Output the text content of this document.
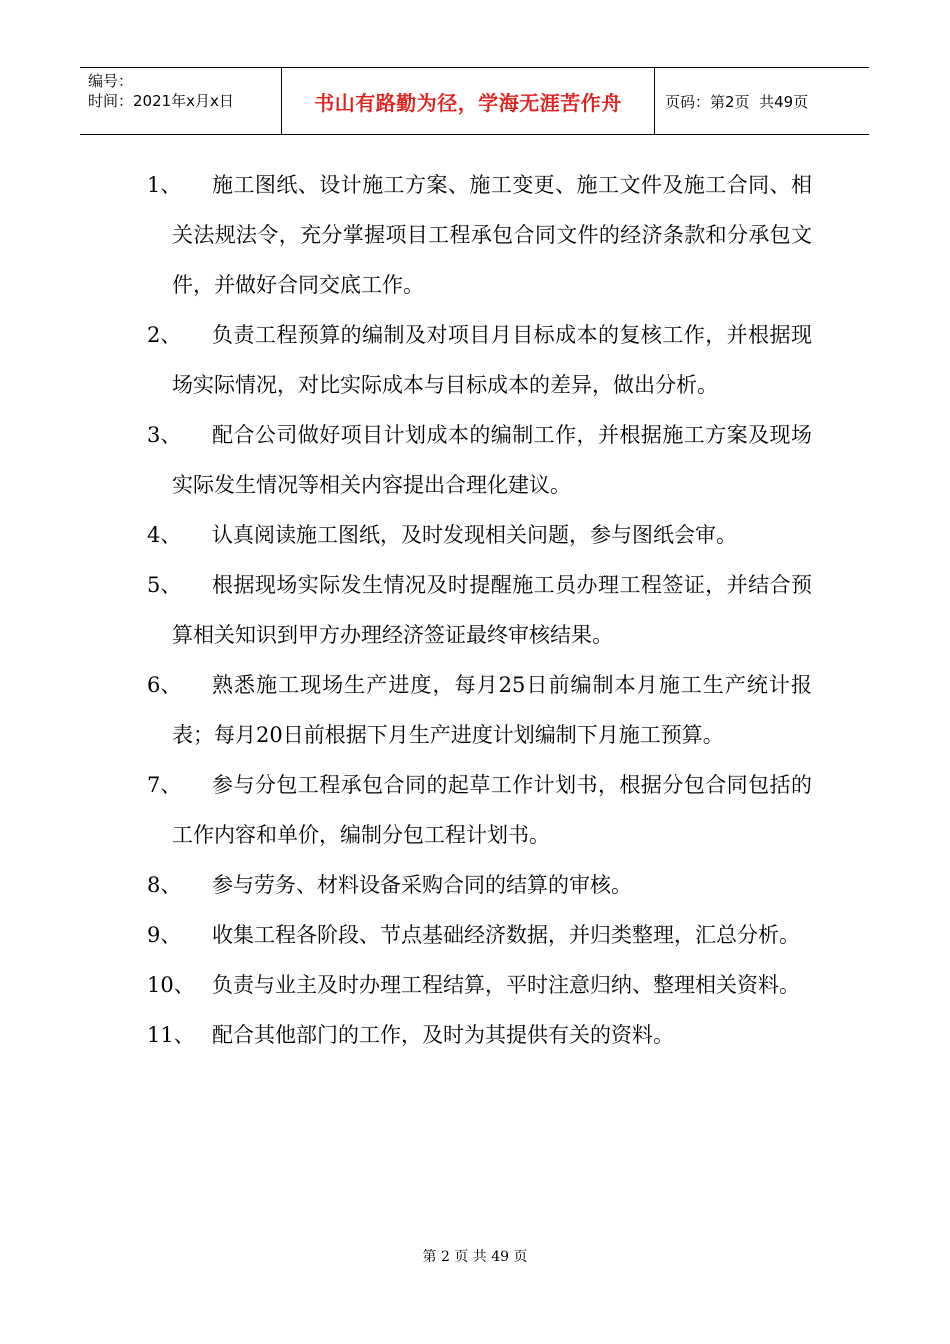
编号：
时间：2021年x月x日	书山有路勤为径，学海无涯苦作舟	页码：第2页  共49页
1、	施工图纸、设计施工方案、施工变更、施工文件及施工合同、相关法规法令，充分掌握项目工程承包合同文件的经济条款和分承包文件，并做好合同交底工作。
2、	负责工程预算的编制及对项目月目标成本的复核工作，并根据现场实际情况，对比实际成本与目标成本的差异，做出分析。
3、	配合公司做好项目计划成本的编制工作，并根据施工方案及现场实际发生情况等相关内容提出合理化建议。
4、	认真阅读施工图纸，及时发现相关问题，参与图纸会审。
5、	根据现场实际发生情况及时提醒施工员办理工程签证，并结合预算相关知识到甲方办理经济签证最终审核结果。
6、	熟悉施工现场生产进度，每月25日前编制本月施工生产统计报表；每月20日前根据下月生产进度计划编制下月施工预算。
7、	参与分包工程承包合同的起草工作计划书，根据分包合同包括的工作内容和单价，编制分包工程计划书。
8、	参与劳务、材料设备采购合同的结算的审核。
9、	收集工程各阶段、节点基础经济数据，并归类整理，汇总分析。
10、 负责与业主及时办理工程结算，平时注意归纳、整理相关资料。
11、 配合其他部门的工作，及时为其提供有关的资料。
第 2 页 共 49 页
